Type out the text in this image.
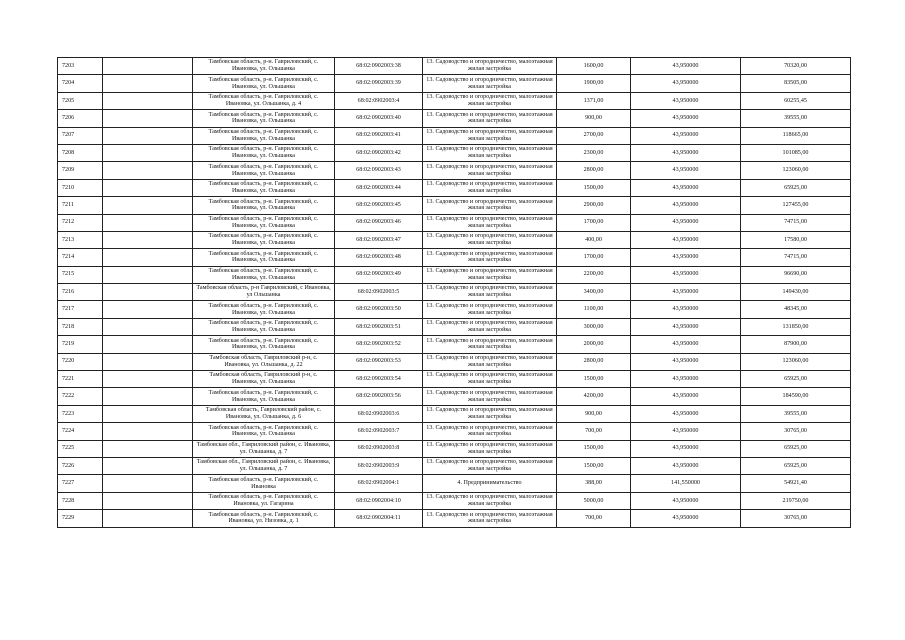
7203		Тамбовская область, р-н. Гавриловский, с. Ивановка, ул. Ольшанка	68:02:0902003:38	13. Садоводство и огородничество, малоэтажная жилая застройка	1600,00	43,950000	70320,00
7204		Тамбовская область, р-н. Гавриловский, с. Ивановка, ул. Ольшанка	68:02:0902003:39	13. Садоводство и огородничество, малоэтажная жилая застройка	1900,00	43,950000	83505,00
7205		Тамбовская область, р-н. Гавриловский, с. Ивановка, ул. Ольшанка, д. 4	68:02:0902003:4	13. Садоводство и огородничество, малоэтажная жилая застройка	1371,00	43,950000	60255,45
7206		Тамбовская область, р-н. Гавриловский, с. Ивановка, ул. Ольшанка	68:02:0902003:40	13. Садоводство и огородничество, малоэтажная жилая застройка	900,00	43,950000	39555,00
7207		Тамбовская область, р-н. Гавриловский, с. Ивановка, ул. Ольшанка	68:02:0902003:41	13. Садоводство и огородничество, малоэтажная жилая застройка	2700,00	43,950000	118665,00
7208		Тамбовская область, р-н. Гавриловский, с. Ивановка, ул. Ольшанка	68:02:0902003:42	13. Садоводство и огородничество, малоэтажная жилая застройка	2300,00	43,950000	101085,00
7209		Тамбовская область, р-н. Гавриловский, с. Ивановка, ул. Ольшанка	68:02:0902003:43	13. Садоводство и огородничество, малоэтажная жилая застройка	2800,00	43,950000	123060,00
7210		Тамбовская область, р-н. Гавриловский, с. Ивановка, ул. Ольшанка	68:02:0902003:44	13. Садоводство и огородничество, малоэтажная жилая застройка	1500,00	43,950000	65925,00
7211		Тамбовская область, р-н. Гавриловский, с. Ивановка, ул. Ольшанка	68:02:0902003:45	13. Садоводство и огородничество, малоэтажная жилая застройка	2900,00	43,950000	127455,00
7212		Тамбовская область, р-н. Гавриловский, с. Ивановка, ул. Ольшанка	68:02:0902003:46	13. Садоводство и огородничество, малоэтажная жилая застройка	1700,00	43,950000	74715,00
7213		Тамбовская область, р-н. Гавриловский, с. Ивановка, ул. Ольшанка	68:02:0902003:47	13. Садоводство и огородничество, малоэтажная жилая застройка	400,00	43,950000	17580,00
7214		Тамбовская область, р-н. Гавриловский, с. Ивановка, ул. Ольшанка	68:02:0902003:48	13. Садоводство и огородничество, малоэтажная жилая застройка	1700,00	43,950000	74715,00
7215		Тамбовская область, р-н. Гавриловский, с. Ивановка, ул. Ольшанка	68:02:0902003:49	13. Садоводство и огородничество, малоэтажная жилая застройка	2200,00	43,950000	96690,00
7216		Тамбовская область, р-н Гавриловский, с Ивановка, ул Ольшанка	68:02:0902003:5	13. Садоводство и огородничество, малоэтажная жилая застройка	3400,00	43,950000	149430,00
7217		Тамбовская область, р-н. Гавриловский, с. Ивановка, ул. Ольшанка	68:02:0902003:50	13. Садоводство и огородничество, малоэтажная жилая застройка	1100,00	43,950000	48345,00
7218		Тамбовская область, р-н. Гавриловский, с. Ивановка, ул. Ольшанка	68:02:0902003:51	13. Садоводство и огородничество, малоэтажная жилая застройка	3000,00	43,950000	131850,00
7219		Тамбовская область, р-н. Гавриловский, с. Ивановка, ул. Ольшанка	68:02:0902003:52	13. Садоводство и огородничество, малоэтажная жилая застройка	2000,00	43,950000	87900,00
7220		Тамбовская область, Гавриловский р-н, с. Ивановка, ул. Ольшанка, д. 22	68:02:0902003:53	13. Садоводство и огородничество, малоэтажная жилая застройка	2800,00	43,950000	123060,00
7221		Тамбовская область, Гавриловский р-н, с. Ивановка, ул. Ольшанка	68:02:0902003:54	13. Садоводство и огородничество, малоэтажная жилая застройка	1500,00	43,950000	65925,00
7222		Тамбовская область, р-н. Гавриловский, с. Ивановка, ул. Ольшанка	68:02:0902003:56	13. Садоводство и огородничество, малоэтажная жилая застройка	4200,00	43,950000	184590,00
7223		Тамбовская область, Гавриловский район, с. Ивановка, ул. Ольшанка, д. 6	68:02:0902003:6	13. Садоводство и огородничество, малоэтажная жилая застройка	900,00	43,950000	39555,00
7224		Тамбовская область, р-н. Гавриловский, с. Ивановка, ул. Ольшанка	68:02:0902003:7	13. Садоводство и огородничество, малоэтажная жилая застройка	700,00	43,950000	30765,00
7225		Тамбовская обл., Гавриловский район, с. Ивановка, ул. Ольшанка, д. 7	68:02:0902003:8	13. Садоводство и огородничество, малоэтажная жилая застройка	1500,00	43,950000	65925,00
7226		Тамбовская обл., Гавриловский район, с. Ивановка, ул. Ольшанка, д. 7	68:02:0902003:9	13. Садоводство и огородничество, малоэтажная жилая застройка	1500,00	43,950000	65925,00
7227		Тамбовская область, р-н. Гавриловский, с. Ивановка	68:02:0902004:1	4. Предпринимательство	388,00	141,550000	54921,40
7228		Тамбовская область, р-н. Гавриловский, с. Ивановка, ул. Гагарина	68:02:0902004:10	13. Садоводство и огородничество, малоэтажная жилая застройка	5000,00	43,950000	219750,00
7229		Тамбовская область, р-н. Гавриловский, с. Ивановка, ул. Низовка, д. 1	68:02:0902004:11	13. Садоводство и огородничество, малоэтажная жилая застройка	700,00	43,950000	30765,00
